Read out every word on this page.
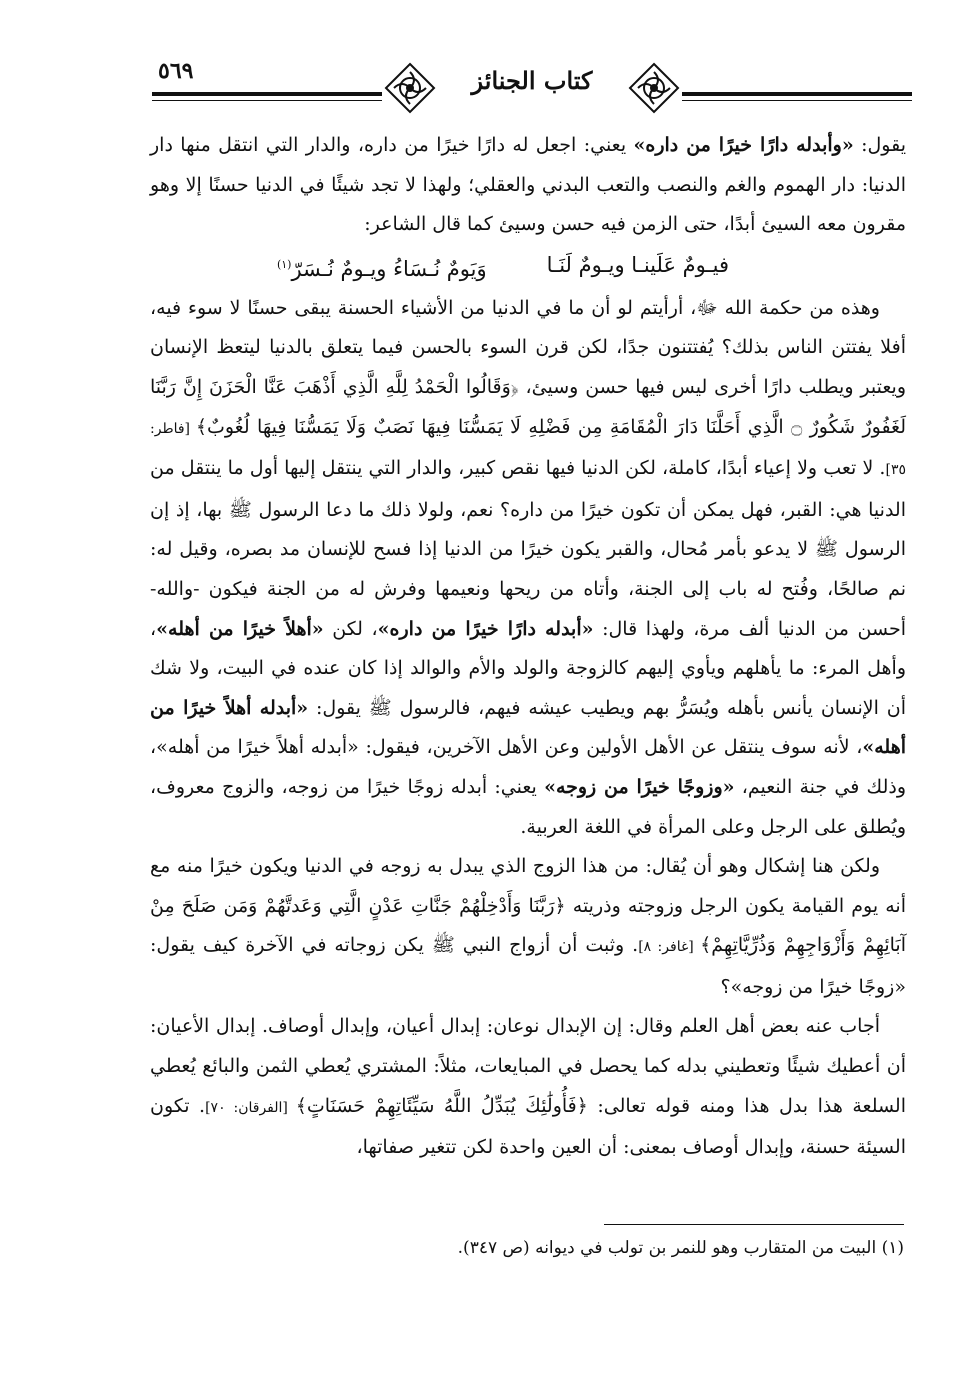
٥٦٩	كتاب الجنائز

يقول: «وأبدله دارًا خيرًا من داره» يعني: اجعل له دارًا خيرًا من داره، والدار التي انتقل منها دار الدنيا: دار الهموم والغم والنصب والتعب البدني والعقلي؛ ولهذا لا تجد شيئًا في الدنيا حسنًا إلا وهو مقرون معه السيئ أبدًا، حتى الزمن فيه حسن وسيئ كما قال الشاعر:

فيـومٌ عَلَينـا ويـومٌ لَنَـا
وَيَومٌ نُـسَاءُ ويـومٌ نُـسَرّ$^{(١)}$

وهذه من حكمة الله ﷻ، أرأيتم لو أن ما في الدنيا من الأشياء الحسنة يبقى حسنًا لا سوء فيه، أفلا يفتتن الناس بذلك؟ يُفتتنون جدًا، لكن قرن السوء بالحسن فيما يتعلق بالدنيا ليتعظ الإنسان ويعتبر ويطلب دارًا أخرى ليس فيها حسن وسيئ، ﴿وَقَالُوا الْحَمْدُ لِلَّهِ الَّذِي أَذْهَبَ عَنَّا الْحَزَنَ إِنَّ رَبَّنَا لَغَفُورٌ شَكُورٌ ۝ الَّذِي أَحَلَّنَا دَارَ الْمُقَامَةِ مِن فَضْلِهِ لَا يَمَسُّنَا فِيهَا نَصَبٌ وَلَا يَمَسُّنَا فِيهَا لُغُوبٌ﴾ [فاطر: ٣٥]. لا تعب ولا إعياء أبدًا، كاملة، لكن الدنيا فيها نقص كبير، والدار التي ينتقل إليها أول ما ينتقل من الدنيا هي: القبر، فهل يمكن أن تكون خيرًا من داره؟ نعم، ولولا ذلك ما دعا الرسول ﷺ بها، إذ إن الرسول ﷺ لا يدعو بأمر مُحال، والقبر يكون خيرًا من الدنيا إذا فسح للإنسان مد بصره، وقيل له: نم صالحًا، وفُتح له باب إلى الجنة، وأتاه من ريحها ونعيمها وفرش له من الجنة فيكون -والله- أحسن من الدنيا ألف مرة، ولهذا قال: «أبدله دارًا خيرًا من داره»، لكن «أهلاً خيرًا من أهله»، وأهل المرء: ما يأهلهم ويأوي إليهم كالزوجة والولد والأم والوالد إذا كان عنده في البيت، ولا شك أن الإنسان يأنس بأهله ويُسَرُّ بهم ويطيب عيشه فيهم، فالرسول ﷺ يقول: «أبدله أهلاً خيرًا من أهله»، لأنه سوف ينتقل عن الأهل الأولين وعن الأهل الآخرين، فيقول: «أبدله أهلاً خيرًا من أهله»، وذلك في جنة النعيم، «وزوجًا خيرًا من زوجه» يعني: أبدله زوجًا خيرًا من زوجه، والزوج معروف، ويُطلق على الرجل وعلى المرأة في اللغة العربية.

ولكن هنا إشكال وهو أن يُقال: من هذا الزوج الذي يبدل به زوجه في الدنيا ويكون خيرًا منه مع أنه يوم القيامة يكون الرجل وزوجته وذريته ﴿رَبَّنَا وَأَدْخِلْهُمْ جَنَّاتِ عَدْنٍ الَّتِي وَعَدتَّهُمْ وَمَن صَلَحَ مِنْ آبَائِهِمْ وَأَزْوَاجِهِمْ وَذُرِّيَّاتِهِمْ﴾ [غافر: ٨]. وثبت أن أزواج النبي ﷺ يكن زوجاته في الآخرة كيف يقول: «زوجًا خيرًا من زوجه»؟

أجاب عنه بعض أهل العلم وقال: إن الإبدال نوعان: إبدال أعيان، وإبدال أوصاف. إبدال الأعيان: أن أعطيك شيئًا وتعطيني بدله كما يحصل في المبايعات، مثلاً: المشتري يُعطي الثمن والبائع يُعطي السلعة هذا بدل هذا ومنه قوله تعالى: ﴿فَأُولَٰئِكَ يُبَدِّلُ اللَّهُ سَيِّئَاتِهِمْ حَسَنَاتٍ﴾ [الفرقان: ٧٠]. تكون السيئة حسنة، وإبدال أوصاف بمعنى: أن العين واحدة لكن تتغير صفاتها،

(١) البيت من المتقارب وهو للنمر بن تولب في ديوانه (ص ٣٤٧).
